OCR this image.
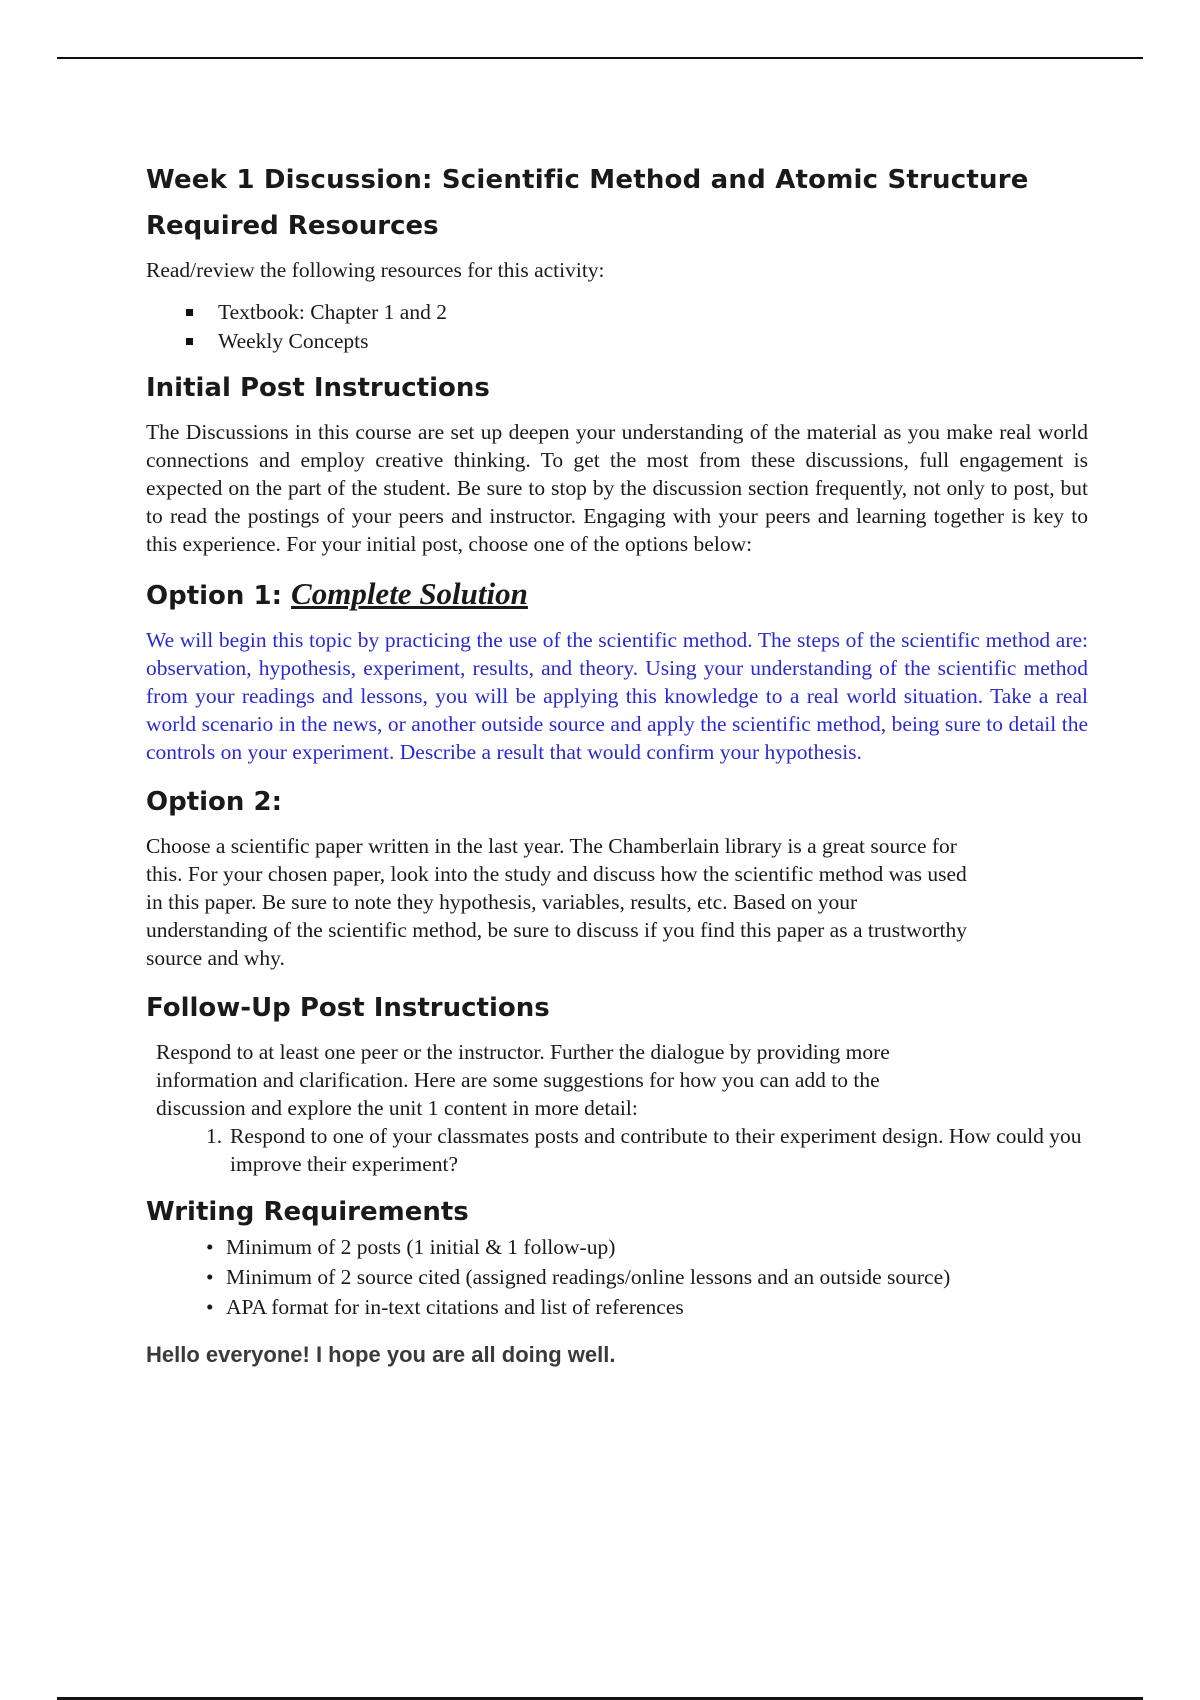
Week 1 Discussion: Scientific Method and Atomic Structure
Required Resources

Read/review the following resources for this activity:

Textbook: Chapter 1 and 2
Weekly Concepts
Initial Post Instructions

The Discussions in this course are set up deepen your understanding of the material as you make real world connections and employ creative thinking. To get the most from these discussions, full engagement is expected on the part of the student. Be sure to stop by the discussion section frequently, not only to post, but to read the postings of your peers and instructor. Engaging with your peers and learning together is key to this experience. For your initial post, choose one of the options below:

Option 1: Complete Solution

We will begin this topic by practicing the use of the scientific method. The steps of the scientific method are: observation, hypothesis, experiment, results, and theory. Using your understanding of the scientific method from your readings and lessons, you will be applying this knowledge to a real world situation. Take a real world scenario in the news, or another outside source and apply the scientific method, being sure to detail the controls on your experiment. Describe a result that would confirm your hypothesis.

Option 2:
Choose a scientific paper written in the last year. The Chamberlain library is a great source for
this. For your chosen paper, look into the study and discuss how the scientific method was used
in this paper. Be sure to note they hypothesis, variables, results, etc. Based on your
understanding of the scientific method, be sure to discuss if you find this paper as a trustworthy
source and why.
Follow-Up Post Instructions
Respond to at least one peer or the instructor. Further the dialogue by providing more
information and clarification. Here are some suggestions for how you can add to the
discussion and explore the unit 1 content in more detail:
1. Respond to one of your classmates posts and contribute to their experiment design. How could you improve their experiment?
Writing Requirements
• Minimum of 2 posts (1 initial & 1 follow-up)
• Minimum of 2 source cited (assigned readings/online lessons and an outside source)
• APA format for in-text citations and list of references
Hello everyone! I hope you are all doing well.
